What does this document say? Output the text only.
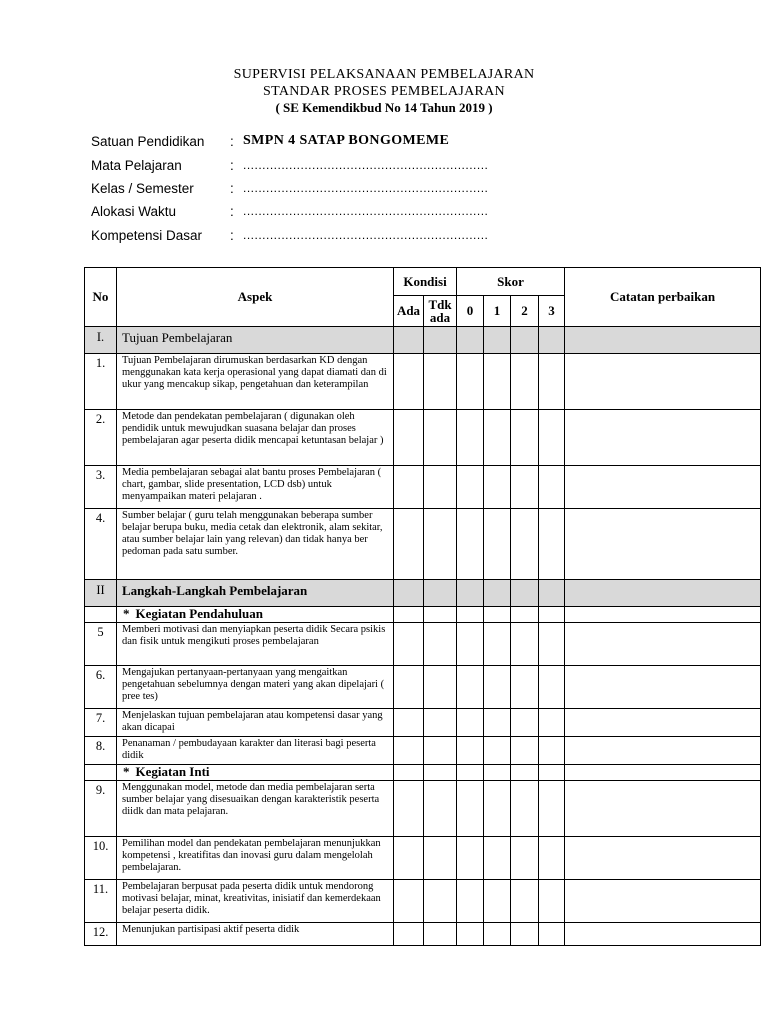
SUPERVISI PELAKSANAAN PEMBELAJARAN
STANDAR PROSES PEMBELAJARAN
( SE Kemendikbud No 14 Tahun 2019 )
Satuan Pendidikan : SMPN 4 SATAP BONGOMEME
Mata Pelajaran	: ................................................................
Kelas / Semester	: ................................................................
Alokasi Waktu	: ................................................................
Kompetensi Dasar : ................................................................
No	Aspek	Kondisi		Skor				Catatan perbaikan
		Ada	Tdk ada	0	1	2	3	
I.	Tujuan Pembelajaran							
1.	Tujuan Pembelajaran dirumuskan berdasarkan KD dengan menggunakan kata kerja operasional yang dapat diamati dan di ukur yang mencakup sikap, pengetahuan dan keterampilan							
2.	Metode dan pendekatan pembelajaran ( digunakan oleh pendidik untuk mewujudkan suasana belajar dan proses pembelajaran agar peserta didik mencapai ketuntasan belajar )							
3.	Media pembelajaran sebagai alat bantu proses Pembelajaran ( chart, gambar, slide presentation, LCD dsb) untuk menyampaikan materi pelajaran .							
4.	Sumber belajar ( guru telah menggunakan beberapa sumber belajar berupa buku, media cetak dan elektronik, alam sekitar, atau sumber belajar lain yang relevan) dan tidak hanya ber pedoman pada satu sumber.							
II	Langkah-Langkah Pembelajaran							
	* Kegiatan Pendahuluan							
5	Memberi motivasi dan menyiapkan peserta didik Secara psikis dan fisik untuk mengikuti proses pembelajaran							
6.	Mengajukan pertanyaan-pertanyaan yang mengaitkan pengetahuan sebelumnya dengan materi yang akan dipelajari ( pree tes)							
7.	Menjelaskan tujuan pembelajaran atau kompetensi dasar yang akan dicapai							
8.	Penanaman / pembudayaan karakter dan literasi bagi peserta didik							
	* Kegiatan Inti							
9.	Menggunakan model, metode dan media pembelajaran serta sumber belajar yang disesuaikan dengan karakteristik peserta diidk dan mata pelajaran.							
10.	Pemilihan model dan pendekatan pembelajaran menunjukkan kompetensi , kreatifitas dan inovasi guru dalam mengelolah pembelajaran.							
11.	Pembelajaran berpusat pada peserta didik untuk mendorong motivasi belajar, minat, kreativitas, inisiatif dan kemerdekaan belajar peserta didik.							
12.	Menunjukan partisipasi aktif peserta didik							
